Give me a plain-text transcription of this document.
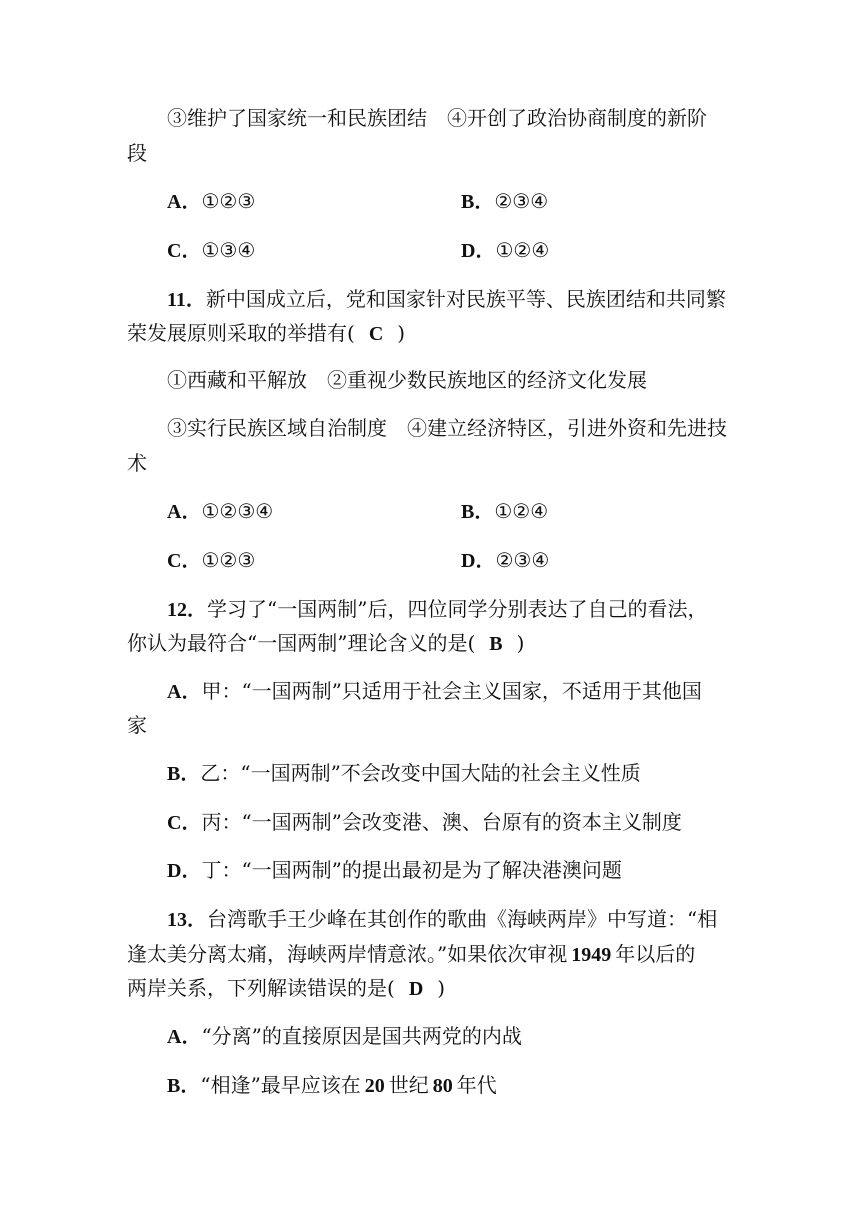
③维护了国家统一和民族团结　④开创了政治协商制度的新阶
段
A．①②③	B．②③④
C．①③④	D．①②④
11．新中国成立后，党和国家针对民族平等、民族团结和共同繁
荣发展原则采取的举措有( C )
①西藏和平解放　②重视少数民族地区的经济文化发展
③实行民族区域自治制度　④建立经济特区，引进外资和先进技
术
A．①②③④	B．①②④
C．①②③	D．②③④
12．学习了“一国两制”后，四位同学分别表达了自己的看法，
你认为最符合“一国两制”理论含义的是( B )
A．甲：“一国两制”只适用于社会主义国家，不适用于其他国
家
B．乙：“一国两制”不会改变中国大陆的社会主义性质
C．丙：“一国两制”会改变港、澳、台原有的资本主义制度
D．丁：“一国两制”的提出最初是为了解决港澳问题
13．台湾歌手王少峰在其创作的歌曲《海峡两岸》中写道：“相
逢太美分离太痛，海峡两岸情意浓。”如果依次审视 1949 年以后的
两岸关系，下列解读错误的是( D )
A．“分离”的直接原因是国共两党的内战
B．“相逢”最早应该在 20 世纪 80 年代
